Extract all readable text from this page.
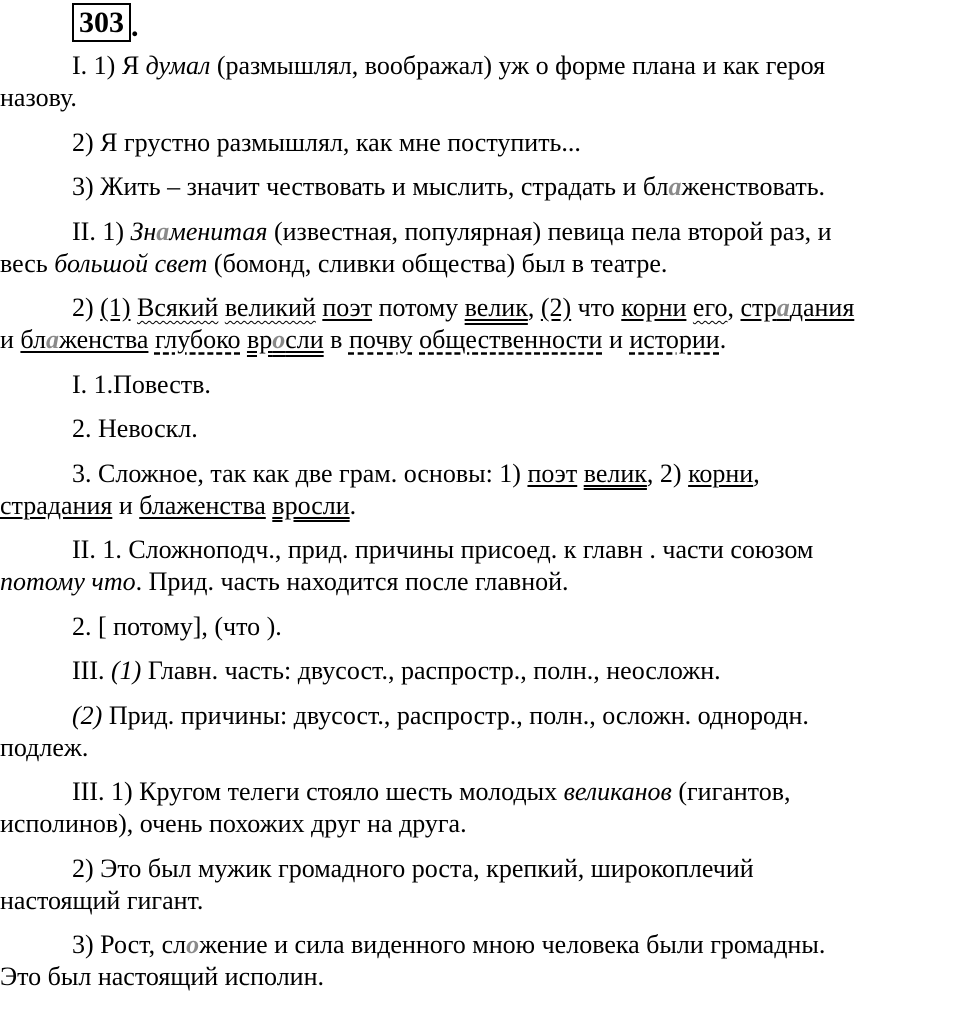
303 .

I. 1) Я думал (размышлял, воображал) уж о форме плана и как героя
назову.

2) Я грустно размышлял, как мне поступить...

3) Жить – значит чествовать и мыслить, страдать и блаженствовать.

II. 1) Знаменитая (известная, популярная) певица пела второй раз, и
весь большой свет (бомонд, сливки общества) был в театре.

2) (1) Всякий великий поэт потому велик, (2) что корни его, страдания
и блаженства глубоко вросли в почву общественности и истории.

I. 1.Повеств.

2. Невоскл.

3. Сложное, так как две грам. основы: 1) поэт велик, 2) корни,
страдания и блаженства вросли.

II. 1. Сложноподч., прид. причины присоед. к главн . части союзом
потому что. Прид. часть находится после главной.

2. [ потому], (что ).

III. (1) Главн. часть: двусост., распростр., полн., неосложн.

(2) Прид. причины: двусост., распростр., полн., осложн. однородн.
подлеж.

III. 1) Кругом телеги стояло шесть молодых великанов (гигантов,
исполинов), очень похожих друг на друга.

2) Это был мужик громадного роста, крепкий, широкоплечий
настоящий гигант.

3) Рост, сложение и сила виденного мною человека были громадны.
Это был настоящий исполин.
